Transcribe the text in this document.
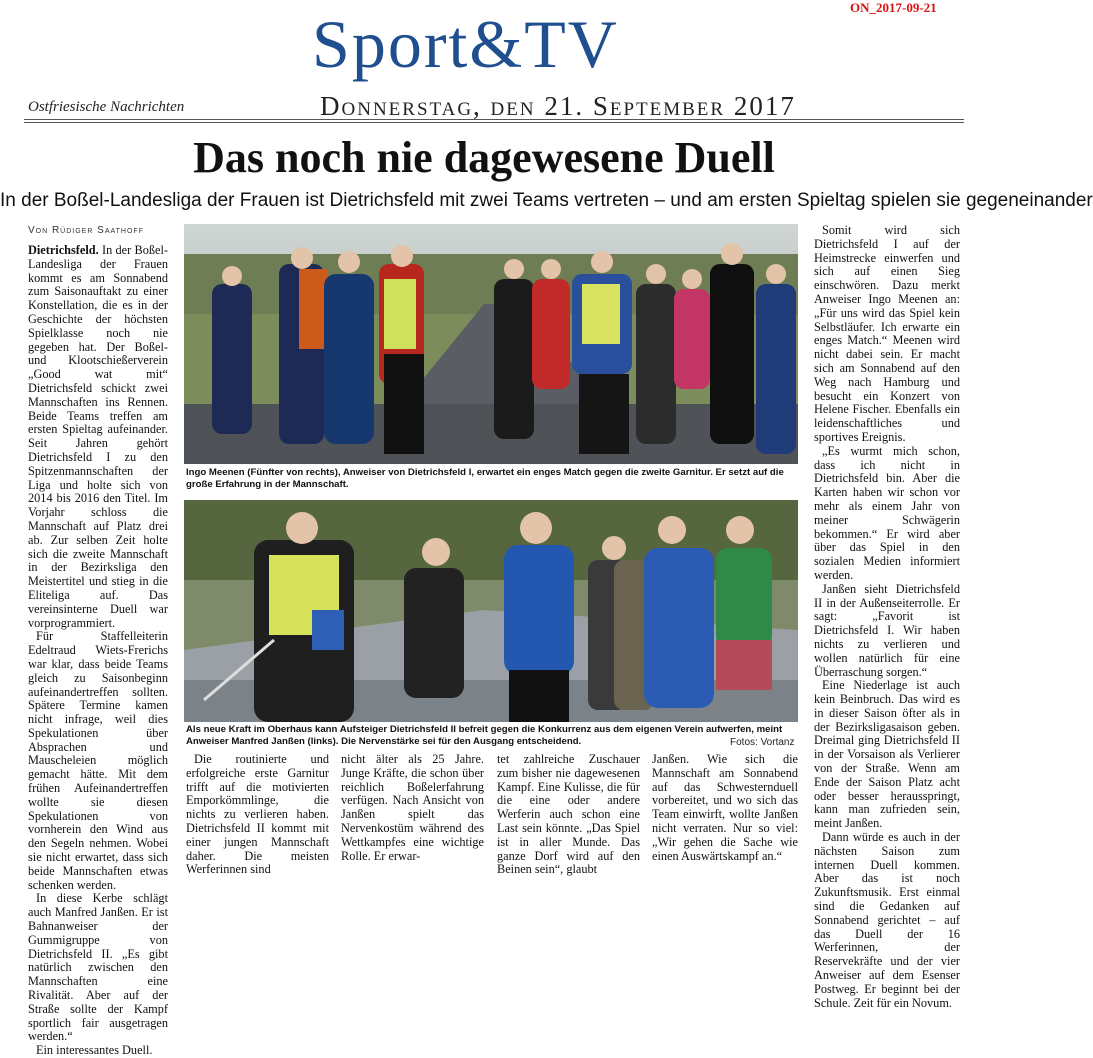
Sport&TV	ON_2017-09-21
Ostfriesische Nachrichten	Donnerstag, den 21. September 2017
Das noch nie dagewesene Duell
In der Boßel-Landesliga der Frauen ist Dietrichsfeld mit zwei Teams vertreten – und am ersten Spieltag spielen sie gegeneinander
Von Rüdiger Saathoff

Dietrichsfeld. In der Boßel-Landesliga der Frauen kommt es am Sonnabend zum Saisonauftakt zu einer Konstellation, die es in der Geschichte der höchsten Spielklasse noch nie gegeben hat. Der Boßel- und Klootschießerverein „Good wat mit“ Dietrichsfeld schickt zwei Mannschaften ins Rennen. Beide Teams treffen am ersten Spieltag aufeinander. Seit Jahren gehört Dietrichsfeld I zu den Spitzenmannschaften der Liga und holte sich von 2014 bis 2016 den Titel. Im Vorjahr schloss die Mannschaft auf Platz drei ab. Zur selben Zeit holte sich die zweite Mannschaft in der Bezirksliga den Meistertitel und stieg in die Eliteliga auf. Das vereinsinterne Duell war vorprogrammiert.

Für Staffelleiterin Edeltraud Wiets-Frerichs war klar, dass beide Teams gleich zu Saisonbeginn aufeinandertreffen sollten. Spätere Termine kamen nicht infrage, weil dies Spekulationen über Absprachen und Mauscheleien möglich gemacht hätte. Mit dem frühen Aufeinandertreffen wollte sie diesen Spekulationen von vornherein den Wind aus den Segeln nehmen. Wobei sie nicht erwartet, dass sich beide Mannschaften etwas schenken werden.

In diese Kerbe schlägt auch Manfred Janßen. Er ist Bahnanweiser der Gummigruppe von Dietrichsfeld II. „Es gibt natürlich zwischen den Mannschaften eine Rivalität. Aber auf der Straße sollte der Kampf sportlich fair ausgetragen werden.“

Ein interessantes Duell.

Ingo Meenen (Fünfter von rechts), Anweiser von Dietrichsfeld I, erwartet ein enges Match gegen die zweite Garnitur. Er setzt auf die große Erfahrung in der Mannschaft.
Als neue Kraft im Oberhaus kann Aufsteiger Dietrichsfeld II befreit gegen die Konkurrenz aus dem eigenen Verein aufwerfen, meint Anweiser Manfred Janßen (links). Die Nervenstärke sei für den Ausgang entscheidend.	Fotos: Vortanz

Die routinierte und erfolgreiche erste Garnitur trifft auf die motivierten Emporkömmlinge, die nichts zu verlieren haben. Dietrichsfeld II kommt mit einer jungen Mannschaft daher. Die meisten Werferinnen sind

nicht älter als 25 Jahre. Junge Kräfte, die schon über reichlich Boßelerfahrung verfügen. Nach Ansicht von Janßen spielt das Nervenkostüm während des Wettkampfes eine wichtige Rolle. Er erwar-

tet zahlreiche Zuschauer zum bisher nie dagewesenen Kampf. Eine Kulisse, die für die eine oder andere Werferin auch schon eine Last sein könnte. „Das Spiel ist in aller Munde. Das ganze Dorf wird auf den Beinen sein“, glaubt

Janßen. Wie sich die Mannschaft am Sonnabend auf das Schwesternduell vorbereitet, und wo sich das Team einwirft, wollte Janßen nicht verraten. Nur so viel: „Wir gehen die Sache wie einen Auswärtskampf an.“

Somit wird sich Dietrichsfeld I auf der Heimstrecke einwerfen und sich auf einen Sieg einschwören. Dazu merkt Anweiser Ingo Meenen an: „Für uns wird das Spiel kein Selbstläufer. Ich erwarte ein enges Match.“ Meenen wird nicht dabei sein. Er macht sich am Sonnabend auf den Weg nach Hamburg und besucht ein Konzert von Helene Fischer. Ebenfalls ein leidenschaftliches und sportives Ereignis.

„Es wurmt mich schon, dass ich nicht in Dietrichsfeld bin. Aber die Karten haben wir schon vor mehr als einem Jahr von meiner Schwägerin bekommen.“ Er wird aber über das Spiel in den sozialen Medien informiert werden.

Janßen sieht Dietrichsfeld II in der Außenseiterrolle. Er sagt: „Favorit ist Dietrichsfeld I. Wir haben nichts zu verlieren und wollen natürlich für eine Überraschung sorgen.“

Eine Niederlage ist auch kein Beinbruch. Das wird es in dieser Saison öfter als in der Bezirksligasaison geben. Dreimal ging Dietrichsfeld II in der Vorsaison als Verlierer von der Straße. Wenn am Ende der Saison Platz acht oder besser herausspringt, kann man zufrieden sein, meint Janßen.

Dann würde es auch in der nächsten Saison zum internen Duell kommen. Aber das ist noch Zukunftsmusik. Erst einmal sind die Gedanken auf Sonnabend gerichtet – auf das Duell der 16 Werferinnen, der Reservekräfte und der vier Anweiser auf dem Esenser Postweg. Er beginnt bei der Schule. Zeit für ein Novum.
